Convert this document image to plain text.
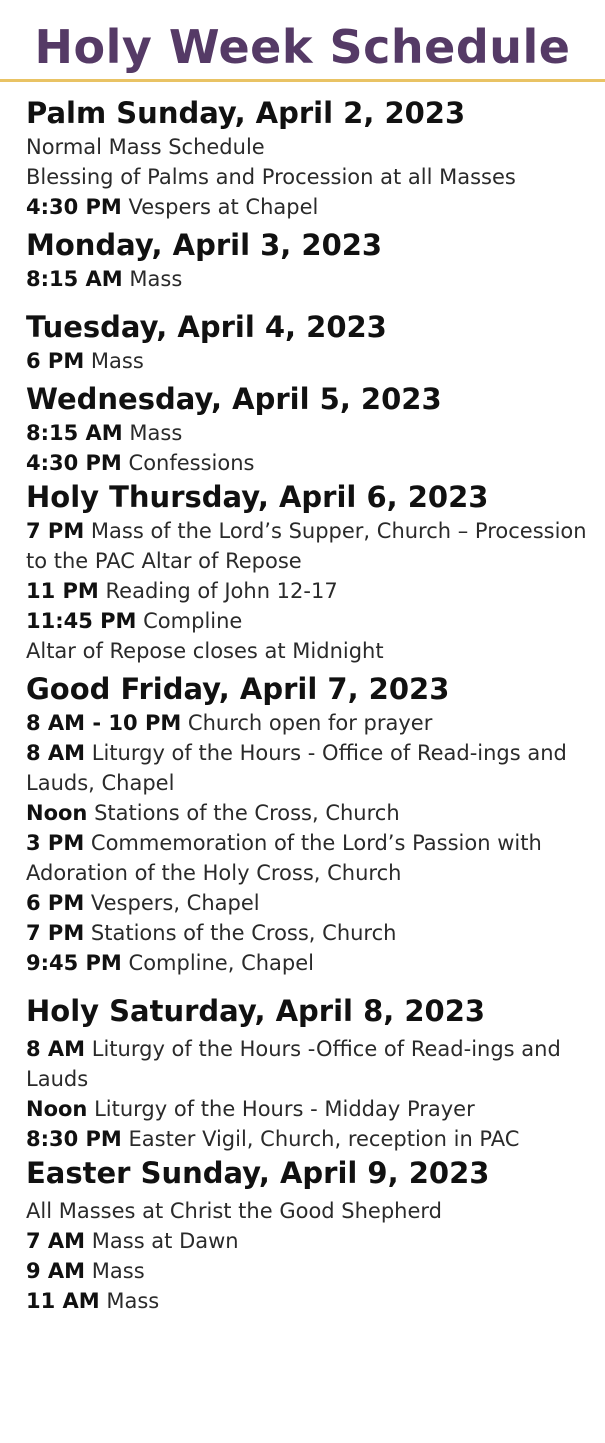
Holy Week Schedule
Palm Sunday, April 2, 2023
Normal Mass Schedule
Blessing of Palms and Procession at all Masses
4:30 PM Vespers at Chapel
Monday, April 3, 2023
8:15 AM Mass
Tuesday, April 4, 2023
6 PM Mass
Wednesday, April 5, 2023
8:15 AM Mass
4:30 PM Confessions
Holy Thursday, April 6, 2023
7 PM Mass of the Lord’s Supper, Church – Procession to the PAC Altar of Repose
11 PM Reading of John 12-17
11:45 PM Compline
Altar of Repose closes at Midnight
Good Friday, April 7, 2023
8 AM - 10 PM Church open for prayer
8 AM Liturgy of the Hours - Office of Read-ings and Lauds, Chapel
Noon Stations of the Cross, Church
3 PM Commemoration of the Lord’s Passion with Adoration of the Holy Cross, Church
6 PM Vespers, Chapel
7 PM Stations of the Cross, Church
9:45 PM Compline, Chapel
Holy Saturday, April 8, 2023
8 AM Liturgy of the Hours -Office of Read-ings and Lauds
Noon Liturgy of the Hours - Midday Prayer
8:30 PM Easter Vigil, Church, reception in PAC
Easter Sunday, April 9, 2023
All Masses at Christ the Good Shepherd
7 AM Mass at Dawn
9 AM Mass
11 AM Mass
